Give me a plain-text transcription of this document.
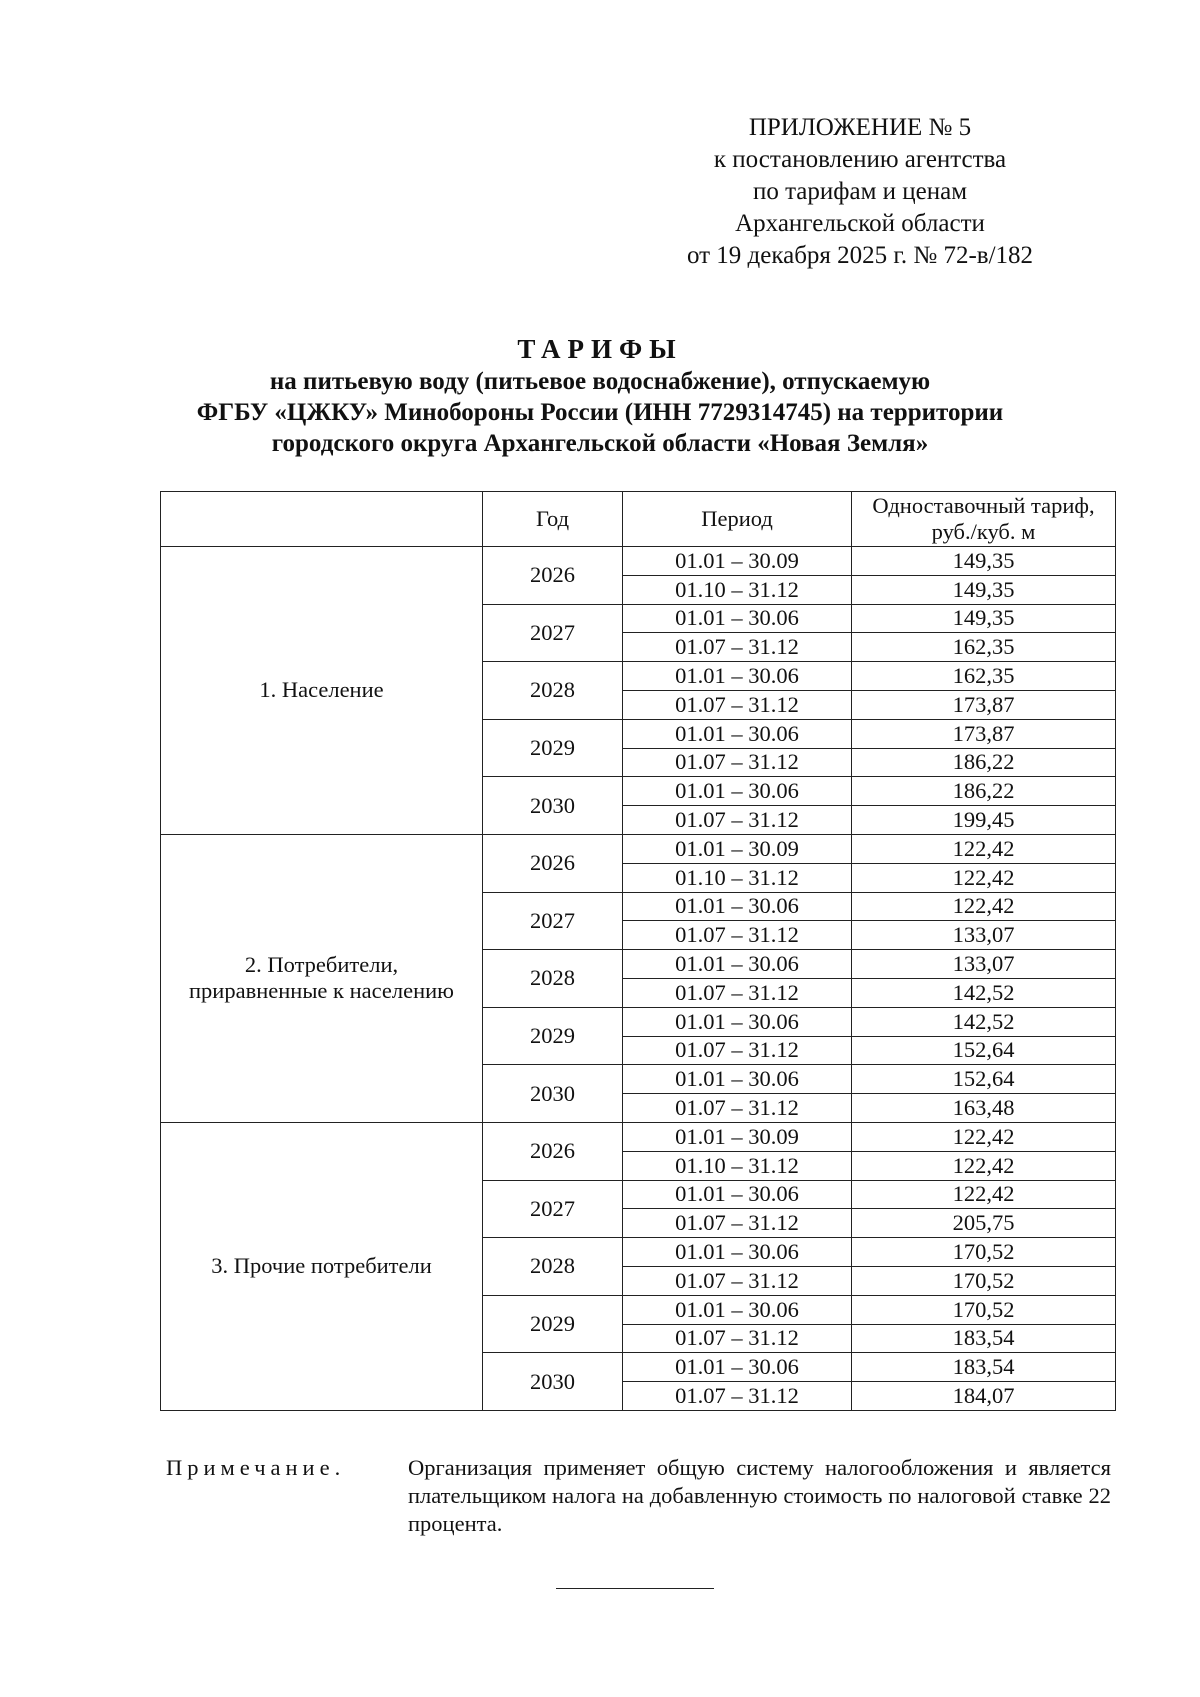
ПРИЛОЖЕНИЕ № 5
к постановлению агентства
по тарифам и ценам
Архангельской области
от 19 декабря 2025 г. № 72-в/182
ТАРИФЫ
на питьевую воду (питьевое водоснабжение), отпускаемую
ФГБУ «ЦЖКУ» Минобороны России (ИНН 7729314745) на территории
городского округа Архангельской области «Новая Земля»
	Год	Период	Одноставочный тариф,
руб./куб. м

1. Население	2026	01.01 – 30.09	149,35
		01.10 – 31.12	149,35
	2027	01.01 – 30.06	149,35
		01.07 – 31.12	162,35
	2028	01.01 – 30.06	162,35
		01.07 – 31.12	173,87
	2029	01.01 – 30.06	173,87
		01.07 – 31.12	186,22
	2030	01.01 – 30.06	186,22
		01.07 – 31.12	199,45

2. Потребители,
приравненные к населению	2026	01.01 – 30.09	122,42
		01.10 – 31.12	122,42
	2027	01.01 – 30.06	122,42
		01.07 – 31.12	133,07
	2028	01.01 – 30.06	133,07
		01.07 – 31.12	142,52
	2029	01.01 – 30.06	142,52
		01.07 – 31.12	152,64
	2030	01.01 – 30.06	152,64
		01.07 – 31.12	163,48

3. Прочие потребители	2026	01.01 – 30.09	122,42
		01.10 – 31.12	122,42
	2027	01.01 – 30.06	122,42
		01.07 – 31.12	205,75
	2028	01.01 – 30.06	170,52
		01.07 – 31.12	170,52
	2029	01.01 – 30.06	170,52
		01.07 – 31.12	183,54
	2030	01.01 – 30.06	183,54
		01.07 – 31.12	184,07
Примечание.	Организация применяет общую систему налогообложения и является плательщиком налога на добавленную стоимость по налоговой ставке 22 процента.
